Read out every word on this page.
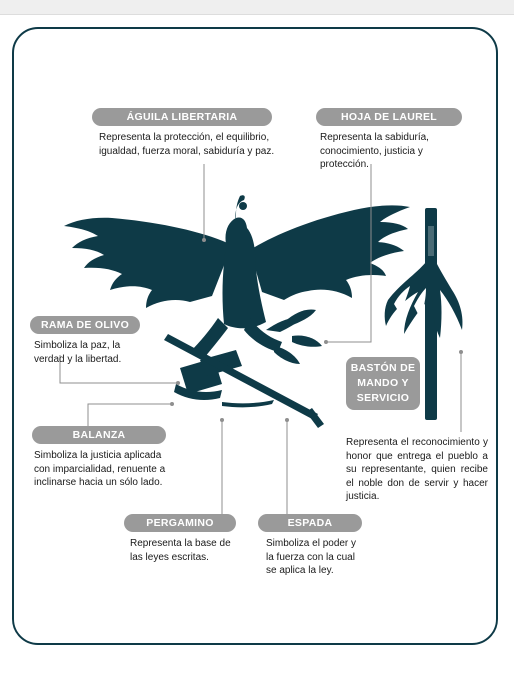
ÁGUILA LIBERTARIA
Representa la protección, el equilibrio, igualdad, fuerza moral, sabiduría y paz.
HOJA DE LAUREL
Representa la sabiduría, conocimiento, justicia y protección.
RAMA DE OLIVO
Simboliza la paz, la verdad y la libertad.
BASTÓN DE
MANDO Y
SERVICIO
Representa el reconocimiento y honor que entrega el pueblo a su representante, quien recibe el noble don de servir y hacer justicia.
BALANZA
Simboliza la justicia aplicada con imparcialidad, renuente a inclinarse hacia un sólo lado.
PERGAMINO
Representa la base de las leyes escritas.
ESPADA
Simboliza el poder y la fuerza con la cual se aplica la ley.
